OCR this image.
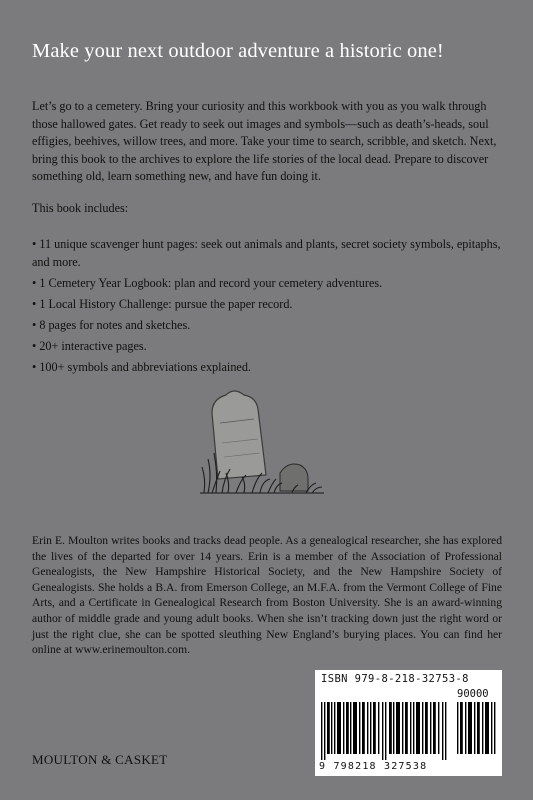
Make your next outdoor adventure a historic one!

Let’s go to a cemetery. Bring your curiosity and this workbook with you as you walk through those hallowed gates. Get ready to seek out images and symbols—such as death’s-heads, soul effigies, beehives, willow trees, and more. Take your time to search, scribble, and sketch. Next, bring this book to the archives to explore the life stories of the local dead. Prepare to discover something old, learn something new, and have fun doing it.

This book includes:
• 11 unique scavenger hunt pages: seek out animals and plants, secret society symbols, epitaphs, and more.
• 1 Cemetery Year Logbook: plan and record your cemetery adventures.
• 1 Local History Challenge: pursue the paper record.
• 8 pages for notes and sketches.
• 20+ interactive pages.
• 100+ symbols and abbreviations explained.

Erin E. Moulton writes books and tracks dead people. As a genealogical researcher, she has explored the lives of the departed for over 14 years. Erin is a member of the Association of Professional Genealogists, the New Hampshire Historical Society, and the New Hampshire Society of Genealogists. She holds a B.A. from Emerson College, an M.F.A. from the Vermont College of Fine Arts, and a Certificate in Genealogical Research from Boston University. She is an award-winning author of middle grade and young adult books. When she isn’t tracking down just the right word or just the right clue, she can be spotted sleuthing New England’s burying places. You can find her online at www.erinemoulton.com.

MOULTON & CASKET
ISBN 979-8-218-32753-8
90000
9 798218 327538
